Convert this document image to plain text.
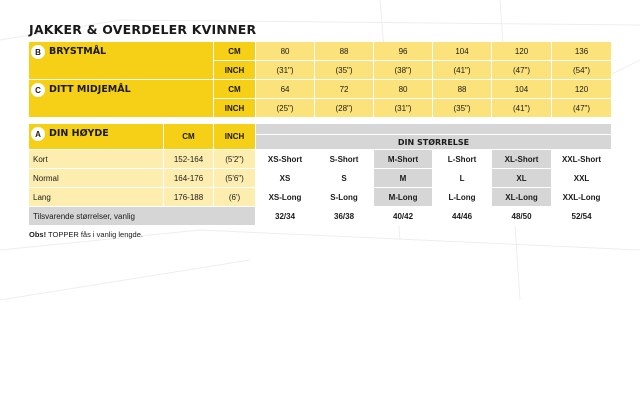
JAKKER & OVERDELER KVINNER
B BRYSTMÅL		CM	80	88	96	104	120	136
		INCH	(31")	(35")	(38")	(41")	(47")	(54")

C DITT MIDJEMÅL		CM	64	72	80	88	104	120
		INCH	(25")	(28")	(31")	(35")	(41")	(47")

A DIN HØYDE	CM	INCH						
			DIN STØRRELSE					
Kort	152-164	(5'2")	XS-Short	S-Short	M-Short	L-Short	XL-Short	XXL-Short
Normal	164-176	(5'6")	XS	S	M	L	XL	XXL
Lang	176-188	(6')	XS-Long	S-Long	M-Long	L-Long	XL-Long	XXL-Long
Tilsvarende størrelser, vanlig			32/34	36/38	40/42	44/46	48/50	52/54
Obs! TOPPER fås i vanlig lengde.
